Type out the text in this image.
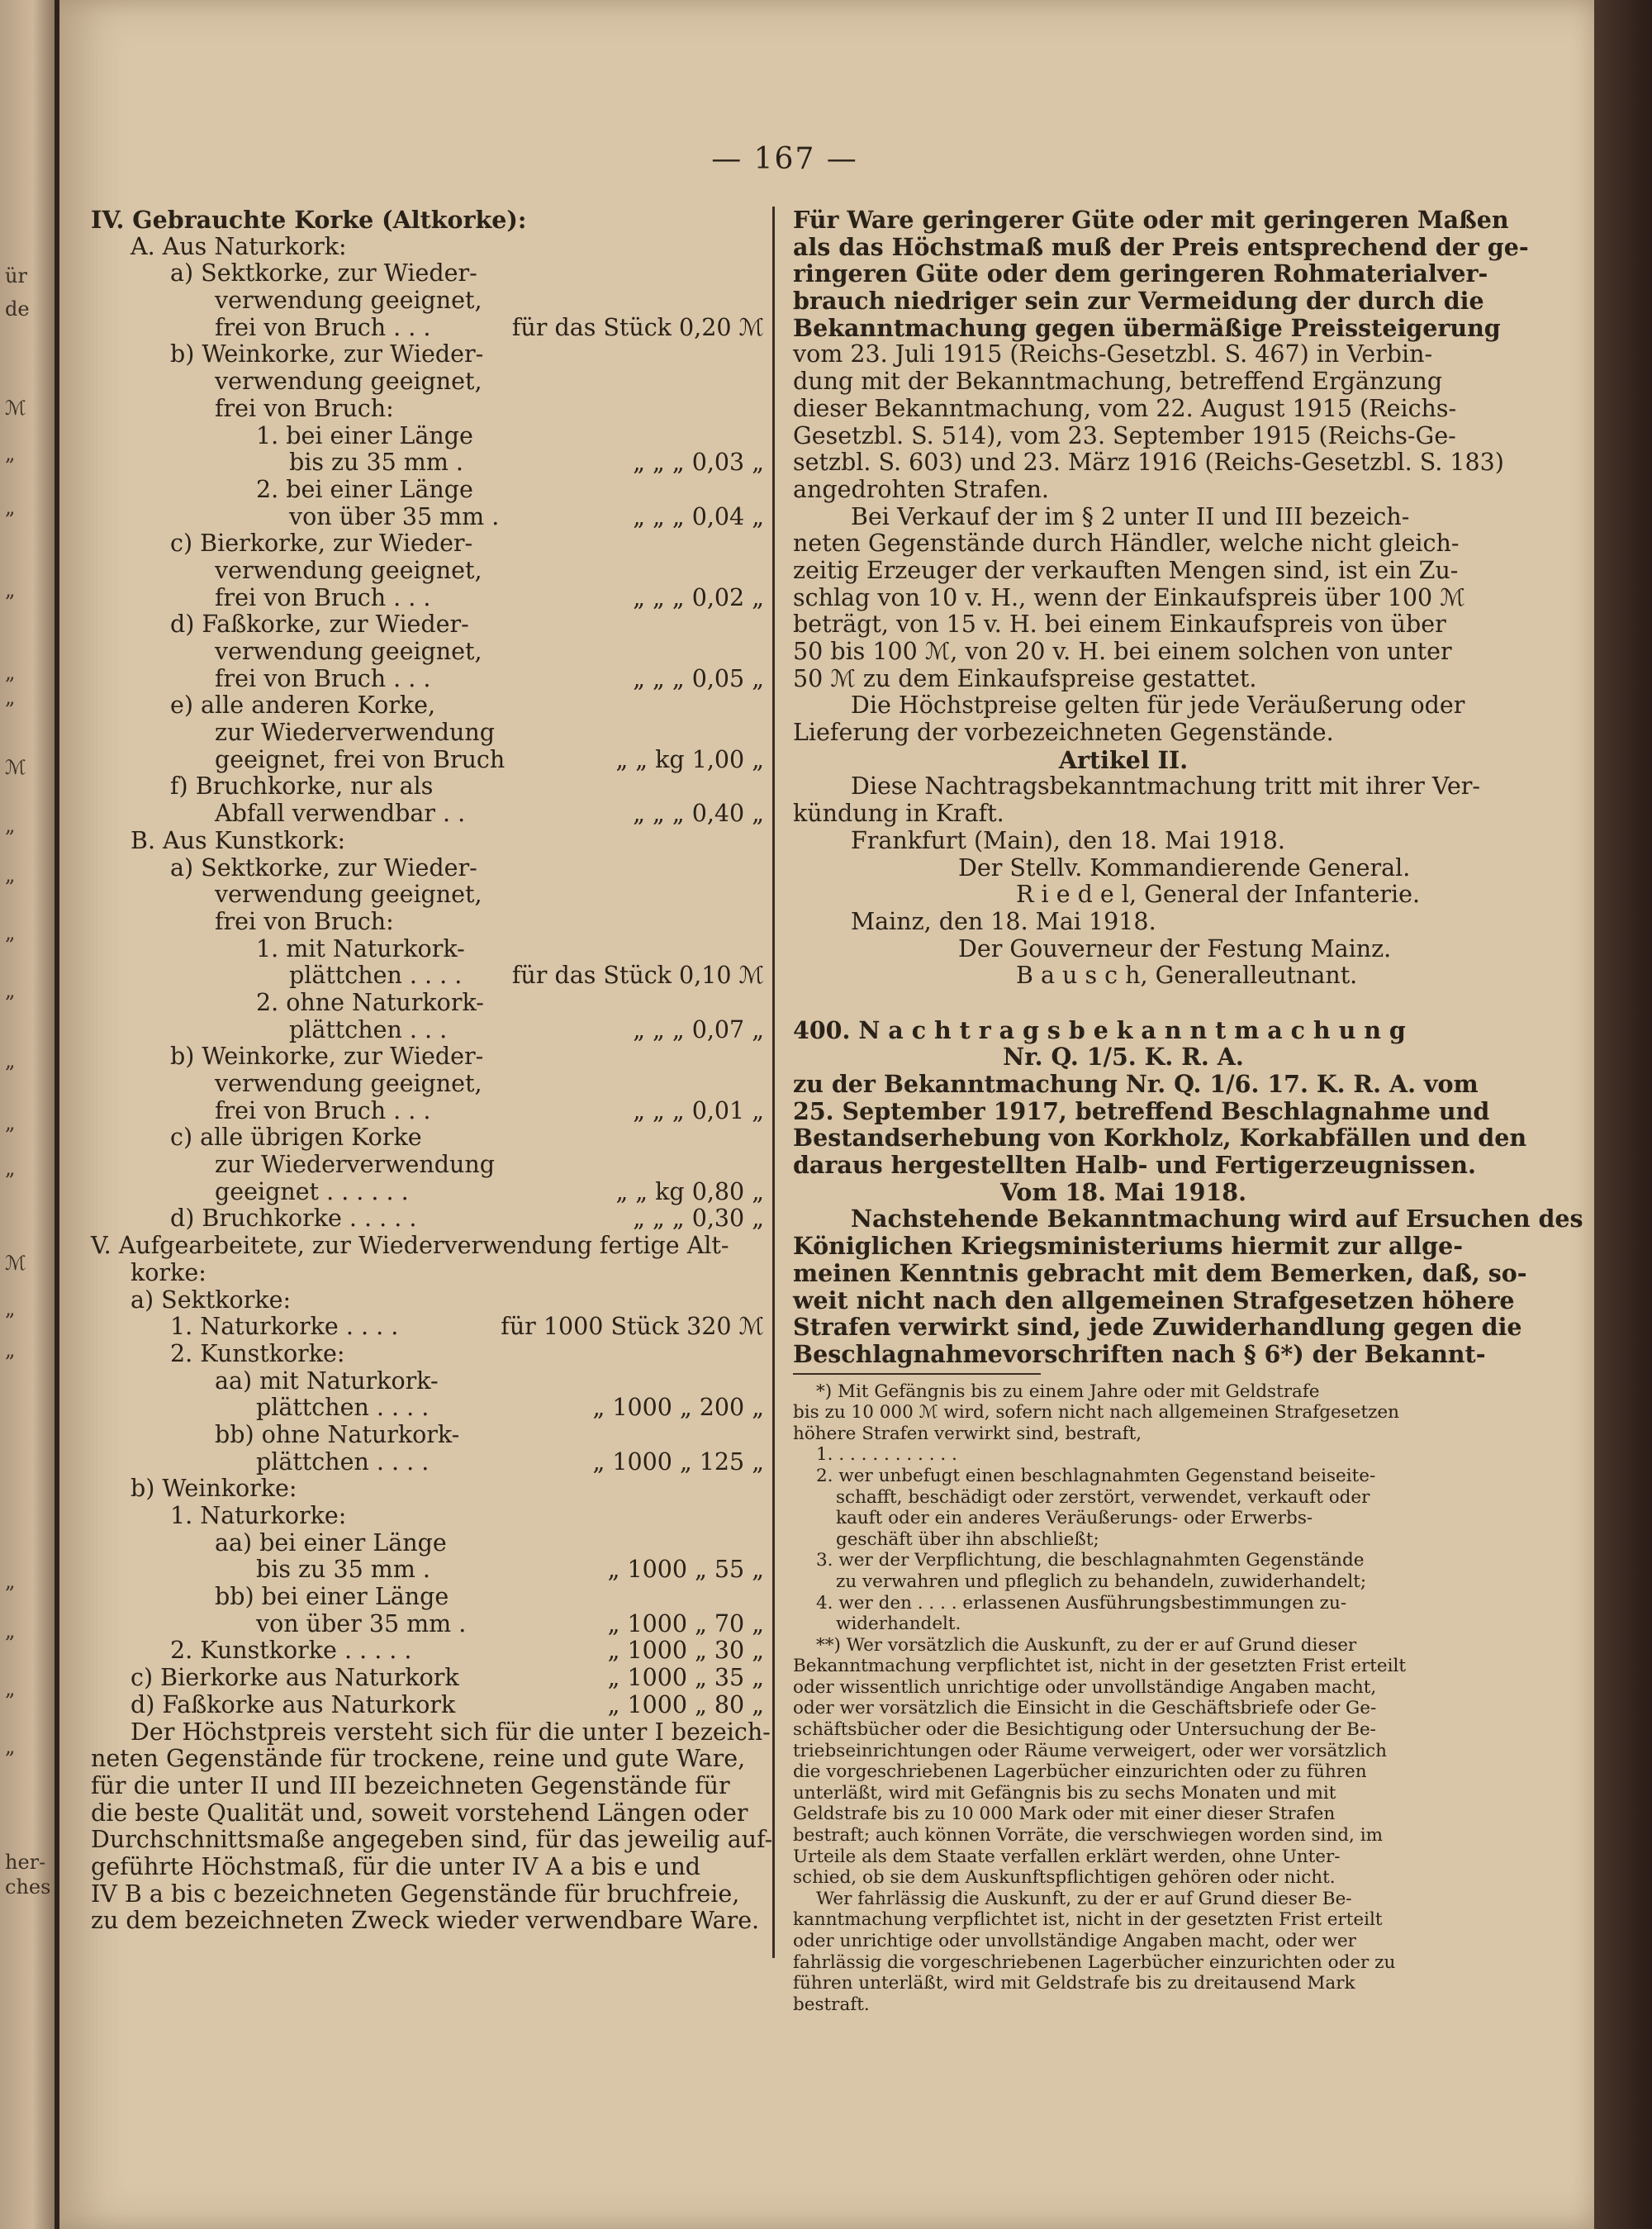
ür
de
ℳ
„
„
„
„
„
ℳ
„
„
„
„
„
„
„
ℳ
„
„
„
„
„
„
her-
ches
— 167 —
IV. Gebrauchte Korke (Altkorke):
A. Aus Naturkork:
a) Sektkorke, zur Wieder-
verwendung geeignet,
frei von Bruch . . .	für das Stück 0,20 ℳ
b) Weinkorke, zur Wieder-
verwendung geeignet,
frei von Bruch:
1. bei einer Länge
bis zu 35 mm .	„ „ „ 0,03 „
2. bei einer Länge
von über 35 mm .	„ „ „ 0,04 „
c) Bierkorke, zur Wieder-
verwendung geeignet,
frei von Bruch . . .	„ „ „ 0,02 „
d) Faßkorke, zur Wieder-
verwendung geeignet,
frei von Bruch . . .	„ „ „ 0,05 „
e) alle anderen Korke,
zur Wiederverwendung
geeignet, frei von Bruch	„ „ kg 1,00 „
f) Bruchkorke, nur als
Abfall verwendbar . .	„ „ „ 0,40 „
B. Aus Kunstkork:
a) Sektkorke, zur Wieder-
verwendung geeignet,
frei von Bruch:
1. mit Naturkork-
plättchen . . . . für das Stück 0,10 ℳ
2. ohne Naturkork-
plättchen . . .	„ „ „ 0,07 „
b) Weinkorke, zur Wieder-
verwendung geeignet,
frei von Bruch . . .	„ „ „ 0,01 „
c) alle übrigen Korke
zur Wiederverwendung
geeignet . . . . . .	„ „ kg 0,80 „
d) Bruchkorke . . . . .	„ „ „ 0,30 „
V. Aufgearbeitete, zur Wiederverwendung fertige Alt-
korke:
a) Sektkorke:
1. Naturkorke . . . .	für 1000 Stück 320 ℳ
2. Kunstkorke:
aa) mit Naturkork-
plättchen . . . .	„ 1000 „ 200 „
bb) ohne Naturkork-
plättchen . . . .	„ 1000 „ 125 „
b) Weinkorke:
1. Naturkorke:
aa) bei einer Länge
bis zu 35 mm .	„ 1000 „ 55 „
bb) bei einer Länge
von über 35 mm .	„ 1000 „ 70 „
2. Kunstkorke . . . . .	„ 1000 „ 30 „
c) Bierkorke aus Naturkork	„ 1000 „ 35 „
d) Faßkorke aus Naturkork	„ 1000 „ 80 „
Der Höchstpreis versteht sich für die unter I bezeich-
neten Gegenstände für trockene, reine und gute Ware,
für die unter II und III bezeichneten Gegenstände für
die beste Qualität und, soweit vorstehend Längen oder
Durchschnittsmaße angegeben sind, für das jeweilig auf-
geführte Höchstmaß, für die unter IV A a bis e und
IV B a bis c bezeichneten Gegenstände für bruchfreie,
zu dem bezeichneten Zweck wieder verwendbare Ware.
Für Ware geringerer Güte oder mit geringeren Maßen
als das Höchstmaß muß der Preis entsprechend der ge-
ringeren Güte oder dem geringeren Rohmaterialver-
brauch niedriger sein zur Vermeidung der durch die
Bekanntmachung gegen übermäßige Preissteigerung
vom 23. Juli 1915 (Reichs-Gesetzbl. S. 467) in Verbin-
dung mit der Bekanntmachung, betreffend Ergänzung
dieser Bekanntmachung, vom 22. August 1915 (Reichs-
Gesetzbl. S. 514), vom 23. September 1915 (Reichs-Ge-
setzbl. S. 603) und 23. März 1916 (Reichs-Gesetzbl. S. 183)
angedrohten Strafen.
Bei Verkauf der im § 2 unter II und III bezeich-
neten Gegenstände durch Händler, welche nicht gleich-
zeitig Erzeuger der verkauften Mengen sind, ist ein Zu-
schlag von 10 v. H., wenn der Einkaufspreis über 100 ℳ
beträgt, von 15 v. H. bei einem Einkaufspreis von über
50 bis 100 ℳ, von 20 v. H. bei einem solchen von unter
50 ℳ zu dem Einkaufspreise gestattet.
Die Höchstpreise gelten für jede Veräußerung oder
Lieferung der vorbezeichneten Gegenstände.
Artikel II.
Diese Nachtragsbekanntmachung tritt mit ihrer Ver-
kündung in Kraft.
Frankfurt (Main), den 18. Mai 1918.
Der Stellv. Kommandierende General.
R i e d e l, General der Infanterie.
Mainz, den 18. Mai 1918.
Der Gouverneur der Festung Mainz.
B a u s c h, Generalleutnant.
400. N a c h t r a g s b e k a n n t m a c h u n g
Nr. Q. 1/5. K. R. A.
zu der Bekanntmachung Nr. Q. 1/6. 17. K. R. A. vom
25. September 1917, betreffend Beschlagnahme und
Bestandserhebung von Korkholz, Korkabfällen und den
daraus hergestellten Halb- und Fertigerzeugnissen.
Vom 18. Mai 1918.
Nachstehende Bekanntmachung wird auf Ersuchen des
Königlichen Kriegsministeriums hiermit zur allge-
meinen Kenntnis gebracht mit dem Bemerken, daß, so-
weit nicht nach den allgemeinen Strafgesetzen höhere
Strafen verwirkt sind, jede Zuwiderhandlung gegen die
Beschlagnahmevorschriften nach § 6*) der Bekannt-
*) Mit Gefängnis bis zu einem Jahre oder mit Geldstrafe
bis zu 10 000 ℳ wird, sofern nicht nach allgemeinen Strafgesetzen
höhere Strafen verwirkt sind, bestraft,
1. . . . . . . . . . . .
2. wer unbefugt einen beschlagnahmten Gegenstand beiseite-
schafft, beschädigt oder zerstört, verwendet, verkauft oder
kauft oder ein anderes Veräußerungs- oder Erwerbs-
geschäft über ihn abschließt;
3. wer der Verpflichtung, die beschlagnahmten Gegenstände
zu verwahren und pfleglich zu behandeln, zuwiderhandelt;
4. wer den . . . . erlassenen Ausführungsbestimmungen zu-
widerhandelt.
**) Wer vorsätzlich die Auskunft, zu der er auf Grund dieser
Bekanntmachung verpflichtet ist, nicht in der gesetzten Frist erteilt
oder wissentlich unrichtige oder unvollständige Angaben macht,
oder wer vorsätzlich die Einsicht in die Geschäftsbriefe oder Ge-
schäftsbücher oder die Besichtigung oder Untersuchung der Be-
triebseinrichtungen oder Räume verweigert, oder wer vorsätzlich
die vorgeschriebenen Lagerbücher einzurichten oder zu führen
unterläßt, wird mit Gefängnis bis zu sechs Monaten und mit
Geldstrafe bis zu 10 000 Mark oder mit einer dieser Strafen
bestraft; auch können Vorräte, die verschwiegen worden sind, im
Urteile als dem Staate verfallen erklärt werden, ohne Unter-
schied, ob sie dem Auskunftspflichtigen gehören oder nicht.
Wer fahrlässig die Auskunft, zu der er auf Grund dieser Be-
kanntmachung verpflichtet ist, nicht in der gesetzten Frist erteilt
oder unrichtige oder unvollständige Angaben macht, oder wer
fahrlässig die vorgeschriebenen Lagerbücher einzurichten oder zu
führen unterläßt, wird mit Geldstrafe bis zu dreitausend Mark
bestraft.
